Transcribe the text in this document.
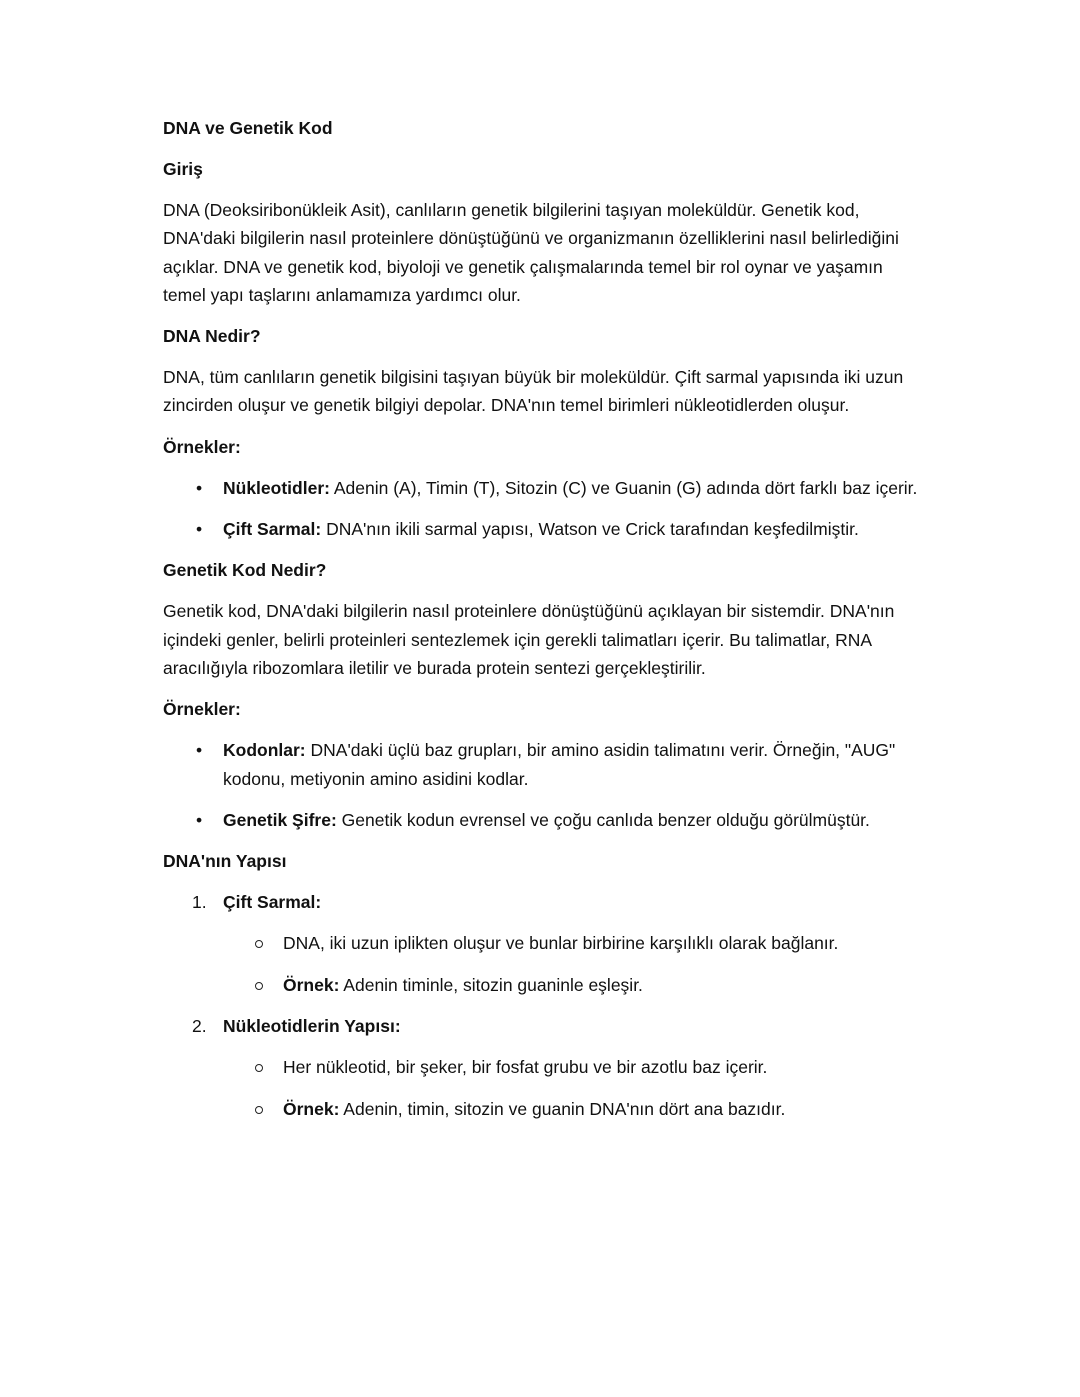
DNA ve Genetik Kod
Giriş
DNA (Deoksiribonükleik Asit), canlıların genetik bilgilerini taşıyan moleküldür. Genetik kod, DNA'daki bilgilerin nasıl proteinlere dönüştüğünü ve organizmanın özelliklerini nasıl belirlediğini açıklar. DNA ve genetik kod, biyoloji ve genetik çalışmalarında temel bir rol oynar ve yaşamın temel yapı taşlarını anlamamıza yardımcı olur.
DNA Nedir?
DNA, tüm canlıların genetik bilgisini taşıyan büyük bir moleküldür. Çift sarmal yapısında iki uzun zincirden oluşur ve genetik bilgiyi depolar. DNA'nın temel birimleri nükleotidlerden oluşur.
Örnekler:
• Nükleotidler: Adenin (A), Timin (T), Sitozin (C) ve Guanin (G) adında dört farklı baz içerir.
• Çift Sarmal: DNA'nın ikili sarmal yapısı, Watson ve Crick tarafından keşfedilmiştir.
Genetik Kod Nedir?
Genetik kod, DNA'daki bilgilerin nasıl proteinlere dönüştüğünü açıklayan bir sistemdir. DNA'nın içindeki genler, belirli proteinleri sentezlemek için gerekli talimatları içerir. Bu talimatlar, RNA aracılığıyla ribozomlara iletilir ve burada protein sentezi gerçekleştirilir.
Örnekler:
• Kodonlar: DNA'daki üçlü baz grupları, bir amino asidin talimatını verir. Örneğin, "AUG" kodonu, metiyonin amino asidini kodlar.
• Genetik Şifre: Genetik kodun evrensel ve çoğu canlıda benzer olduğu görülmüştür.
DNA'nın Yapısı
1. Çift Sarmal:
DNA, iki uzun iplikten oluşur ve bunlar birbirine karşılıklı olarak bağlanır.
Örnek: Adenin timinle, sitozin guaninle eşleşir.
2. Nükleotidlerin Yapısı:
Her nükleotid, bir şeker, bir fosfat grubu ve bir azotlu baz içerir.
Örnek: Adenin, timin, sitozin ve guanin DNA'nın dört ana bazıdır.
